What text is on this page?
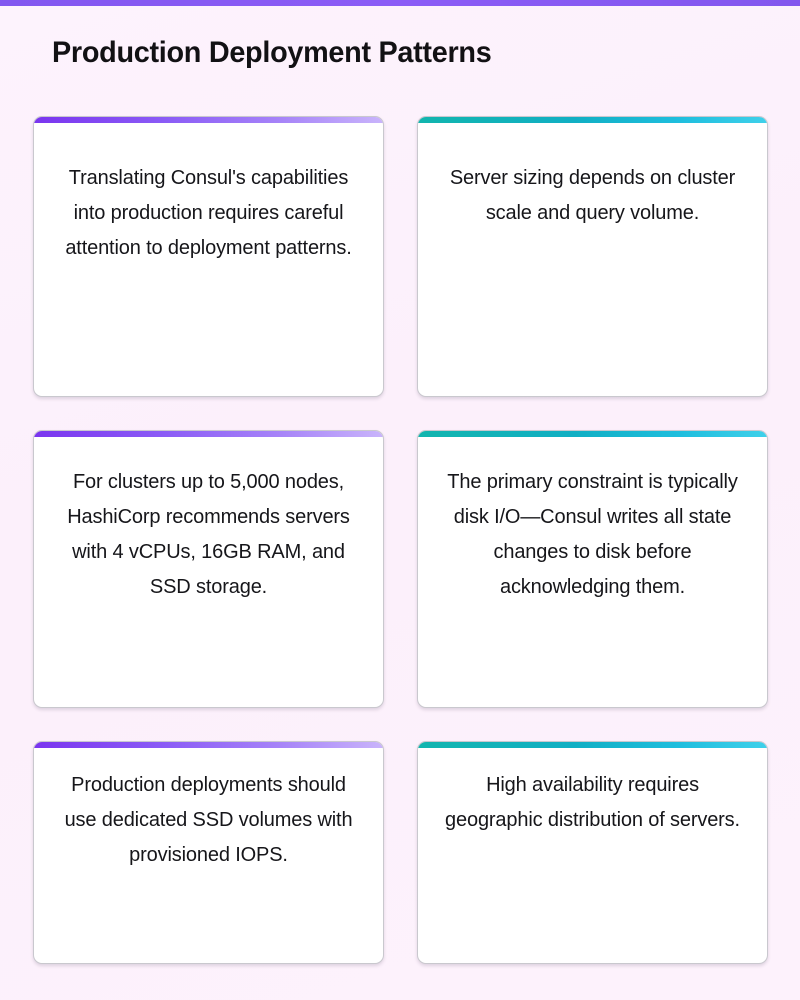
Production Deployment Patterns

Translating Consul's capabilities into production requires careful attention to deployment patterns.

Server sizing depends on cluster scale and query volume.

For clusters up to 5,000 nodes, HashiCorp recommends servers with 4 vCPUs, 16GB RAM, and SSD storage.

The primary constraint is typically disk I/O—Consul writes all state changes to disk before acknowledging them.

Production deployments should use dedicated SSD volumes with provisioned IOPS.

High availability requires geographic distribution of servers.
